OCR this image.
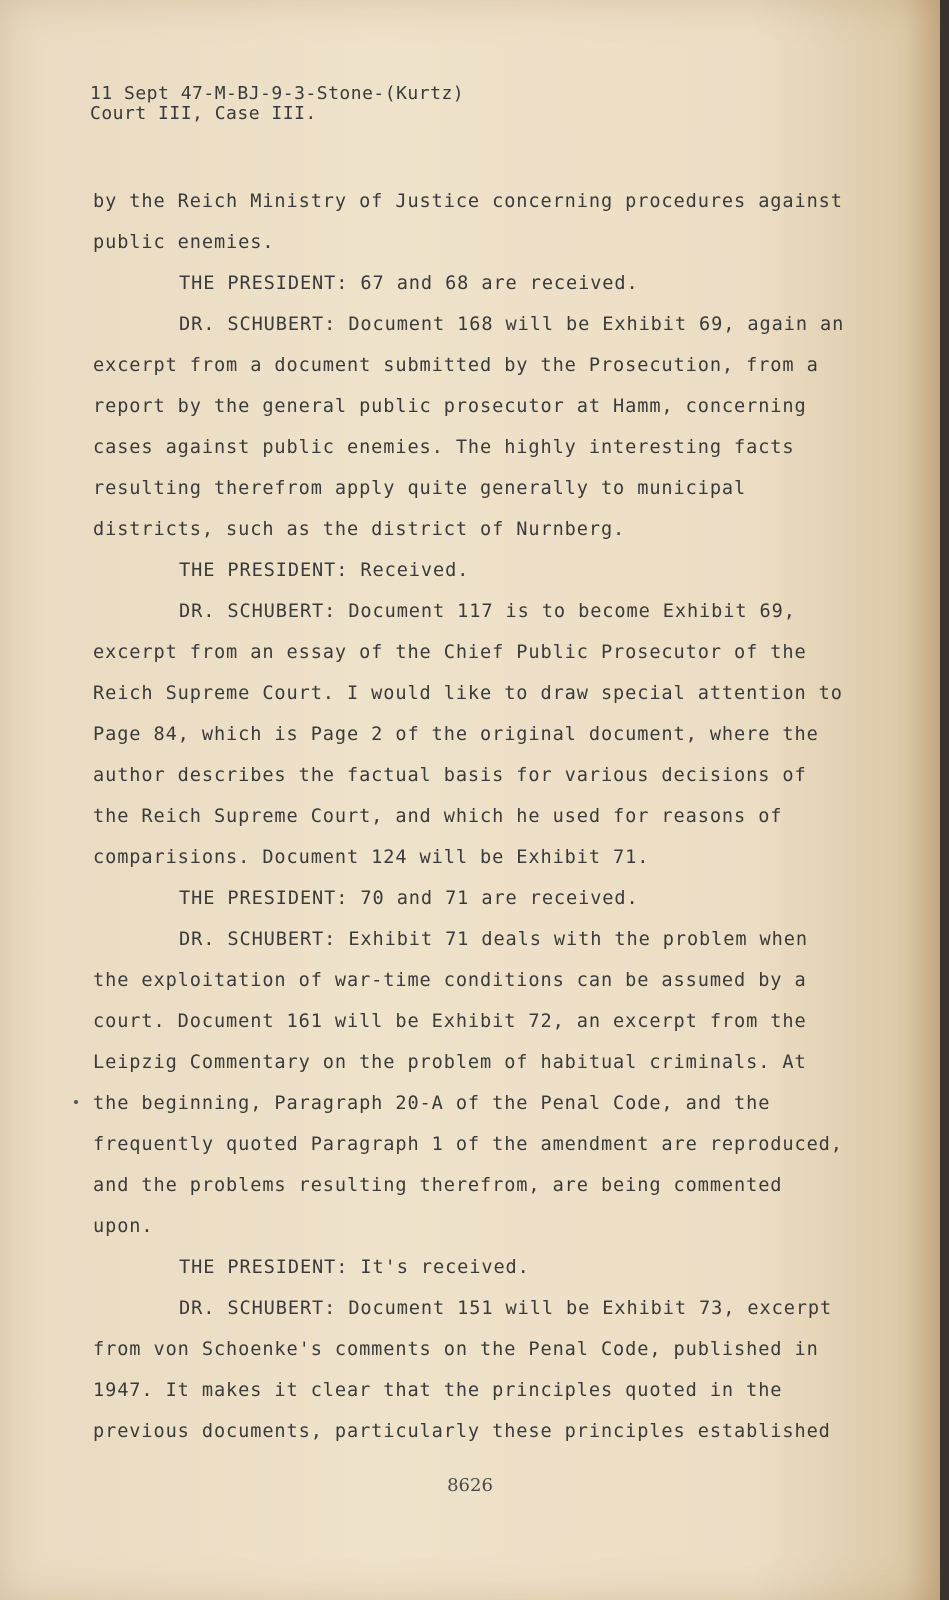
11 Sept 47-M-BJ-9-3-Stone-(Kurtz)
Court III, Case III.

by the Reich Ministry of Justice concerning procedures against public enemies.

THE PRESIDENT: 67 and 68 are received.

DR. SCHUBERT: Document 168 will be Exhibit 69, again an excerpt from a document submitted by the Prosecution, from a report by the general public prosecutor at Hamm, concerning cases against public enemies. The highly interesting facts resulting therefrom apply quite generally to municipal districts, such as the district of Nurnberg.

THE PRESIDENT: Received.

DR. SCHUBERT: Document 117 is to become Exhibit 69, excerpt from an essay of the Chief Public Prosecutor of the Reich Supreme Court. I would like to draw special attention to Page 84, which is Page 2 of the original document, where the author describes the factual basis for various decisions of the Reich Supreme Court, and which he used for reasons of comparisions. Document 124 will be Exhibit 71.

THE PRESIDENT: 70 and 71 are received.

DR. SCHUBERT: Exhibit 71 deals with the problem when the exploitation of war-time conditions can be assumed by a court. Document 161 will be Exhibit 72, an excerpt from the Leipzig Commentary on the problem of habitual criminals. At the beginning, Paragraph 20-A of the Penal Code, and the frequently quoted Paragraph 1 of the amendment are reproduced, and the problems resulting therefrom, are being commented upon.

THE PRESIDENT: It's received.

DR. SCHUBERT: Document 151 will be Exhibit 73, excerpt from von Schoenke's comments on the Penal Code, published in 1947. It makes it clear that the principles quoted in the previous documents, particularly these principles established

8626
